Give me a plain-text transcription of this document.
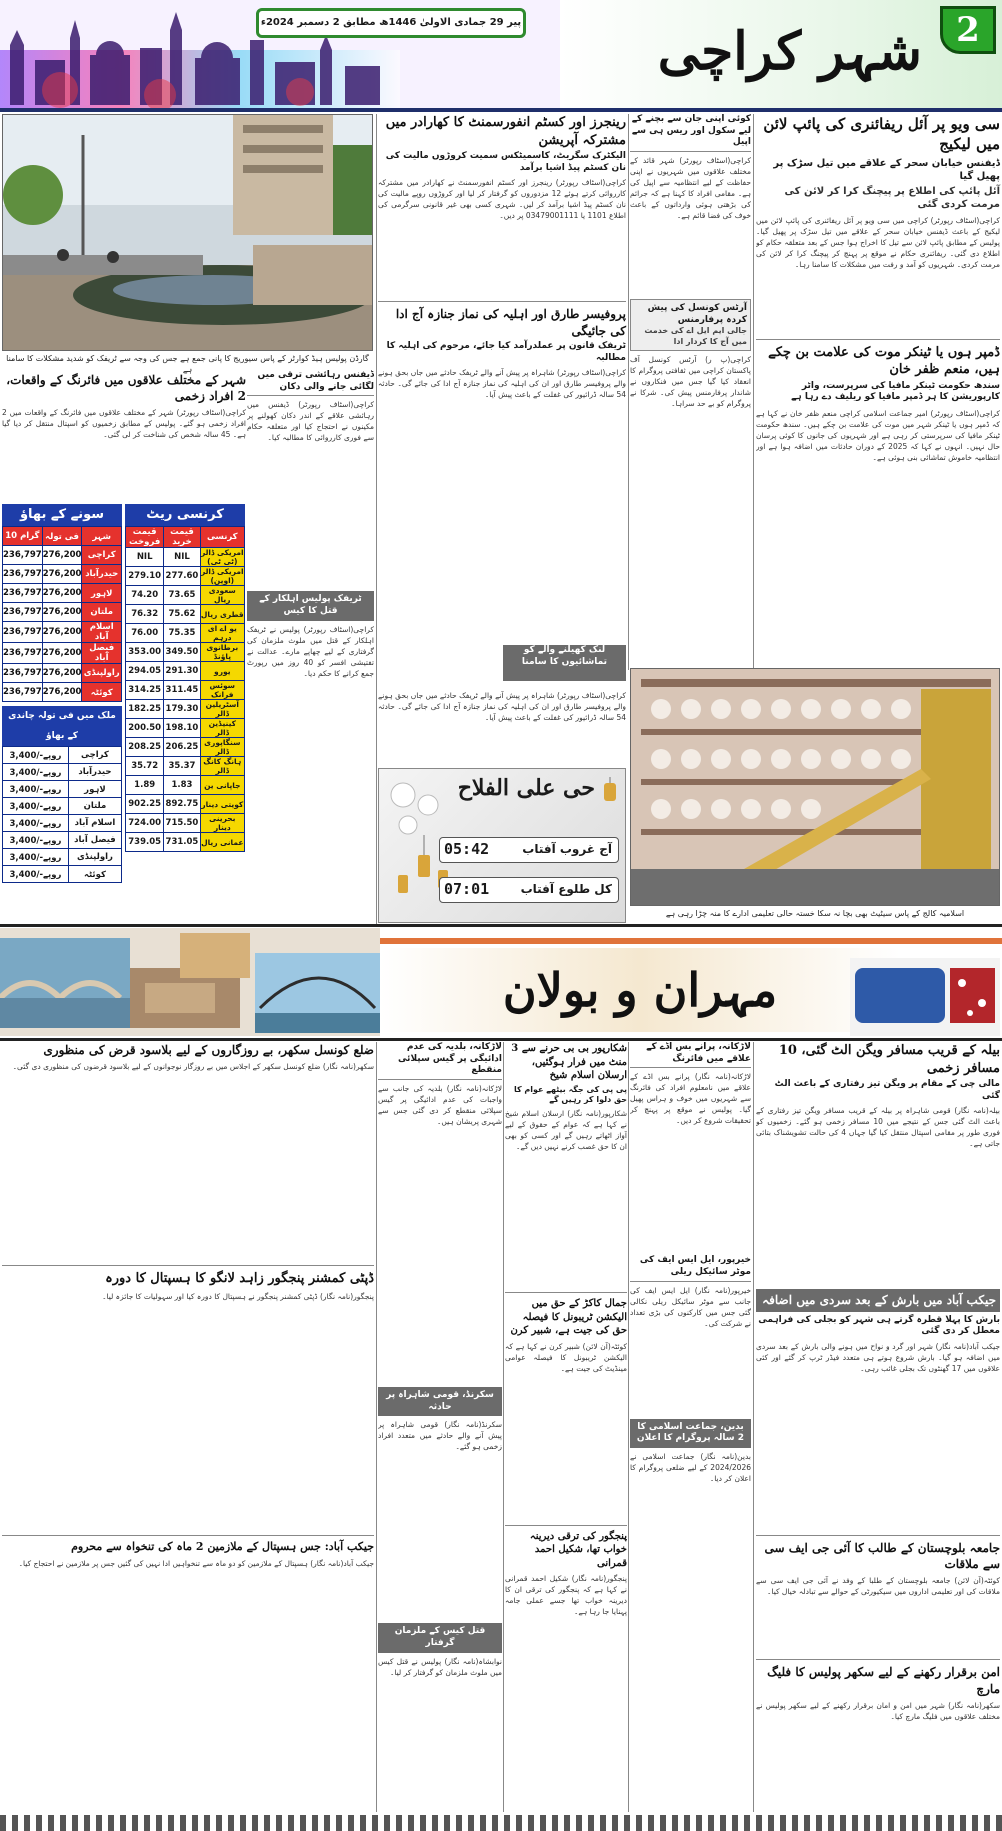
پیر 29 جمادی الاولیٰ 1446ھ مطابق 2 دسمبر 2024ء	شہر کراچی	2
سی ویو پر آئل ریفائنری کی پائپ لائن میں لیکیج
ڈیفنس خیابان سحر کے علاقے میں تیل سڑک پر پھیل گیا
آئل پائپ کی اطلاع پر پیچنگ کرا کر لائن کی مرمت کردی گئی
کراچی(اسٹاف رپورٹر) کراچی میں سی ویو پر آئل ریفائنری کی پائپ لائن میں لیکیج کے باعث ڈیفنس خیابان سحر کے علاقے میں تیل سڑک پر پھیل گیا۔ پولیس کے مطابق پائپ لائن سے تیل کا اخراج ہوا جس کے بعد متعلقہ حکام کو اطلاع دی گئی۔ ریفائنری حکام نے موقع پر پہنچ کر پیچنگ کرا کر لائن کی مرمت کردی۔ شہریوں کو آمد و رفت میں مشکلات کا سامنا رہا۔
ڈمپر ہوں یا ٹینکر موت کی علامت بن چکے ہیں، منعم ظفر خان
سندھ حکومت ٹینکر مافیا کی سرپرست، واٹر کارپوریشن کا ہر ڈمپر مافیا کو ریلیف دے رہا ہے
کراچی(اسٹاف رپورٹر) امیر جماعت اسلامی کراچی منعم ظفر خان نے کہا ہے کہ ڈمپر ہوں یا ٹینکر شہر میں موت کی علامت بن چکے ہیں۔ سندھ حکومت ٹینکر مافیا کی سرپرستی کر رہی ہے اور شہریوں کی جانوں کا کوئی پرسان حال نہیں۔ انہوں نے کہا کہ 2025 کے دوران حادثات میں اضافہ ہوا ہے اور انتظامیہ خاموش تماشائی بنی ہوئی ہے۔
کوئی اپنی جان سے بچنے کے لیے سکول اور ریس ہی سے اپیل
کراچی(اسٹاف رپورٹر) شہر قائد کے مختلف علاقوں میں شہریوں نے اپنی حفاظت کے لیے انتظامیہ سے اپیل کی ہے۔ مقامی افراد کا کہنا ہے کہ جرائم کی بڑھتی ہوئی وارداتوں کے باعث خوف کی فضا قائم ہے۔
آرٹس کونسل کی پیش کردہ پرفارمنس
جالی ایم ایل اے کی خدمت میں آج کا کردار ادا
کراچی(پ ر) آرٹس کونسل آف پاکستان کراچی میں ثقافتی پروگرام کا انعقاد کیا گیا جس میں فنکاروں نے شاندار پرفارمنس پیش کی۔ شرکا نے پروگرام کو بے حد سراہا۔
رینجرز اور کسٹم انفورسمنٹ کا کھارادر میں مشترکہ آپریشن
الیکٹرک سگریٹ، کاسمیٹکس سمیت کروڑوں مالیت کی نان کسٹم پیڈ اشیا برآمد
کراچی(اسٹاف رپورٹر) رینجرز اور کسٹم انفورسمنٹ نے کھارادر میں مشترکہ کارروائی کرتے ہوئے 12 مزدوروں کو گرفتار کر لیا اور کروڑوں روپے مالیت کی نان کسٹم پیڈ اشیا برآمد کر لیں۔ شہری کسی بھی غیر قانونی سرگرمی کی اطلاع 1101 یا 03479001111 پر دیں۔
پروفیسر طارق اور اہلیہ کی نماز جنازہ آج ادا کی جائیگی
ٹریفک قانون پر عملدرآمد کیا جائے، مرحوم کی اہلیہ کا مطالبہ
کراچی(اسٹاف رپورٹر) شاہراہ پر پیش آنے والے ٹریفک حادثے میں جاں بحق ہونے والے پروفیسر طارق اور ان کی اہلیہ کی نماز جنازہ آج ادا کی جائے گی۔ حادثہ 54 سالہ ڈرائیور کی غفلت کے باعث پیش آیا۔
لنک کھیلنے والے کو
تماشائیوں کا سامنا
حی علی الفلاح
05:42	آج غروب آفتاب
07:01	کل طلوع آفتاب
کراچی(اسٹاف رپورٹر) شاہراہ پر پیش آنے والے ٹریفک حادثے میں جاں بحق ہونے والے پروفیسر طارق اور ان کی اہلیہ کی نماز جنازہ آج ادا کی جائے گی۔ حادثہ 54 سالہ ڈرائیور کی غفلت کے باعث پیش آیا۔
ڈیفنس رہائشی ترقی میں لگائی جانے والی دکان
کراچی(اسٹاف رپورٹر) ڈیفنس میں رہائشی علاقے کے اندر دکان کھولنے پر مکینوں نے احتجاج کیا اور متعلقہ حکام سے فوری کارروائی کا مطالبہ کیا۔
ٹریفک پولیس اہلکار کے قتل کا کیس
کراچی(اسٹاف رپورٹر) پولیس نے ٹریفک اہلکار کے قتل میں ملوث ملزمان کی گرفتاری کے لیے چھاپے مارے۔ عدالت نے تفتیشی افسر کو 40 روز میں رپورٹ جمع کرانے کا حکم دیا۔
گارڈن پولیس ہیڈ کوارٹر کے پاس سیوریج کا پانی جمع ہے جس کی وجہ سے ٹریفک کو شدید مشکلات کا سامنا ہے
شہر کے مختلف علاقوں میں فائرنگ کے واقعات، 2 افراد زخمی
کراچی(اسٹاف رپورٹر) شہر کے مختلف علاقوں میں فائرنگ کے واقعات میں 2 افراد زخمی ہو گئے۔ پولیس کے مطابق زخمیوں کو اسپتال منتقل کر دیا گیا ہے۔ 45 سالہ شخص کی شناخت کر لی گئی۔
کرنسی ریٹ
قیمت فروخت	قیمت خرید	کرنسی
NIL	NIL	امریکی ڈالر (ٹی ٹی)
279.10	277.60	امریکی ڈالر (اوپن)
74.20	73.65	سعودی ریال
76.32	75.62	قطری ریال
76.00	75.35	یو اے ای درہم
353.00	349.50	برطانوی پاؤنڈ
294.05	291.30	یورو
314.25	311.45	سوئس فرانک
182.25	179.30	آسٹریلین ڈالر
200.50	198.10	کینیڈین ڈالر
208.25	206.25	سنگاپوری ڈالر
35.72	35.37	ہانگ کانگ ڈالر
1.89	1.83	جاپانی ین
902.25	892.75	کویتی دینار
724.00	715.50	بحرینی دینار
739.05	731.05	عمانی ریال
سونے کے بھاؤ
10 گرام	فی تولہ	شہر
236,797	276,200	کراچی
236,797	276,200	حیدرآباد
236,797	276,200	لاہور
236,797	276,200	ملتان
236,797	276,200	اسلام آباد
236,797	276,200	فیصل آباد
236,797	276,200	راولپنڈی
236,797	276,200	کوئٹہ
ملک میں فی تولہ چاندی کے بھاؤ
3,400/-روپے	کراچی
3,400/-روپے	حیدرآباد
3,400/-روپے	لاہور
3,400/-روپے	ملتان
3,400/-روپے	اسلام آباد
3,400/-روپے	فیصل آباد
3,400/-روپے	راولپنڈی
3,400/-روپے	کوئٹہ
اسلامیہ کالج کے پاس سیٹیٹ بھی بچا نہ سکا خستہ حالی تعلیمی ادارے کا منہ چڑا رہی ہے
مہران و بولان
بیلہ کے قریب مسافر ویگن الٹ گئی، 10 مسافر زخمی
مالی چی کے مقام پر ویگن تیز رفتاری کے باعث الٹ گئی
بیلہ(نامہ نگار) قومی شاہراہ پر بیلہ کے قریب مسافر ویگن تیز رفتاری کے باعث الٹ گئی جس کے نتیجے میں 10 مسافر زخمی ہو گئے۔ زخمیوں کو فوری طور پر مقامی اسپتال منتقل کیا گیا جہاں 4 کی حالت تشویشناک بتائی جاتی ہے۔
جیکب آباد میں بارش کے بعد سردی میں اضافہ
بارش کا پہلا قطرہ گرتے ہی شہر کو بجلی کی فراہمی معطل کر دی گئی
جیکب آباد(نامہ نگار) شہر اور گرد و نواح میں ہونے والی بارش کے بعد سردی میں اضافہ ہو گیا۔ بارش شروع ہوتے ہی متعدد فیڈر ٹرپ کر گئے اور کئی علاقوں میں 17 گھنٹوں تک بجلی غائب رہی۔
جامعہ بلوچستان کے طالب کا آئی جی ایف سی سے ملاقات
کوئٹہ(آن لائن) جامعہ بلوچستان کے طلبا کے وفد نے آئی جی ایف سی سے ملاقات کی اور تعلیمی اداروں میں سیکیورٹی کے حوالے سے تبادلہ خیال کیا۔
امن برقرار رکھنے کے لیے سکھر پولیس کا فلیگ مارچ
سکھر(نامہ نگار) شہر میں امن و امان برقرار رکھنے کے لیے سکھر پولیس نے مختلف علاقوں میں فلیگ مارچ کیا۔
لاڑکانہ، پرانے بس اڈے کے علاقے میں فائرنگ
لاڑکانہ(نامہ نگار) پرانے بس اڈے کے علاقے میں نامعلوم افراد کی فائرنگ سے شہریوں میں خوف و ہراس پھیل گیا۔ پولیس نے موقع پر پہنچ کر تحقیقات شروع کر دیں۔
خیرپور، ایل ایس ایف کی موٹر سائیکل ریلی
خیرپور(نامہ نگار) ایل ایس ایف کی جانب سے موٹر سائیکل ریلی نکالی گئی جس میں کارکنوں کی بڑی تعداد نے شرکت کی۔
بدین، جماعت اسلامی کا
2 سالہ پروگرام کا اعلان
بدین(نامہ نگار) جماعت اسلامی نے 2024/2026 کے لیے ضلعی پروگرام کا اعلان کر دیا۔
شکارپور بی بی حرنے سے 3 منٹ میں فرار ہوگئیں، ارسلان اسلام شیخ
پی پی کی جگہ بیٹھے عوام کا حق دلوا کر رہیں گے
شکارپور(نامہ نگار) ارسلان اسلام شیخ نے کہا ہے کہ عوام کے حقوق کے لیے آواز اٹھاتے رہیں گے اور کسی کو بھی ان کا حق غصب کرنے نہیں دیں گے۔
جمال کاکڑ کے حق میں الیکشن ٹریبونل کا فیصلہ حق کی جیت ہے، شبیر کرن
کوئٹہ(آن لائن) شبیر کرن نے کہا ہے کہ الیکشن ٹریبونل کا فیصلہ عوامی مینڈیٹ کی جیت ہے۔
پنجگور کی ترقی دیرینہ خواب تھا، شکیل احمد قمرانی
پنجگور(نامہ نگار) شکیل احمد قمرانی نے کہا ہے کہ پنجگور کی ترقی ان کا دیرینہ خواب تھا جسے عملی جامہ پہنایا جا رہا ہے۔
لاڑکانہ، بلدیہ کی عدم ادائیگی پر گیس سپلائی منقطع
لاڑکانہ(نامہ نگار) بلدیہ کی جانب سے واجبات کی عدم ادائیگی پر گیس سپلائی منقطع کر دی گئی جس سے شہری پریشان ہیں۔
سکرنڈ، قومی شاہراہ پر حادثہ
سکرنڈ(نامہ نگار) قومی شاہراہ پر پیش آنے والے حادثے میں متعدد افراد زخمی ہو گئے۔
قتل کیس کے ملزمان گرفتار
نوابشاہ(نامہ نگار) پولیس نے قتل کیس میں ملوث ملزمان کو گرفتار کر لیا۔
ضلع کونسل سکھر، بے روزگاروں کے لیے بلاسود قرض کی منظوری
سکھر(نامہ نگار) ضلع کونسل سکھر کے اجلاس میں بے روزگار نوجوانوں کے لیے بلاسود قرضوں کی منظوری دی گئی۔
ڈپٹی کمشنر پنجگور زاہد لانگو کا ہسپتال کا دورہ
پنجگور(نامہ نگار) ڈپٹی کمشنر پنجگور نے ہسپتال کا دورہ کیا اور سہولیات کا جائزہ لیا۔
جیکب آباد: جس ہسپتال کے ملازمین 2 ماہ کی تنخواہ سے محروم
جیکب آباد(نامہ نگار) ہسپتال کے ملازمین کو دو ماہ سے تنخواہیں ادا نہیں کی گئیں جس پر ملازمین نے احتجاج کیا۔
